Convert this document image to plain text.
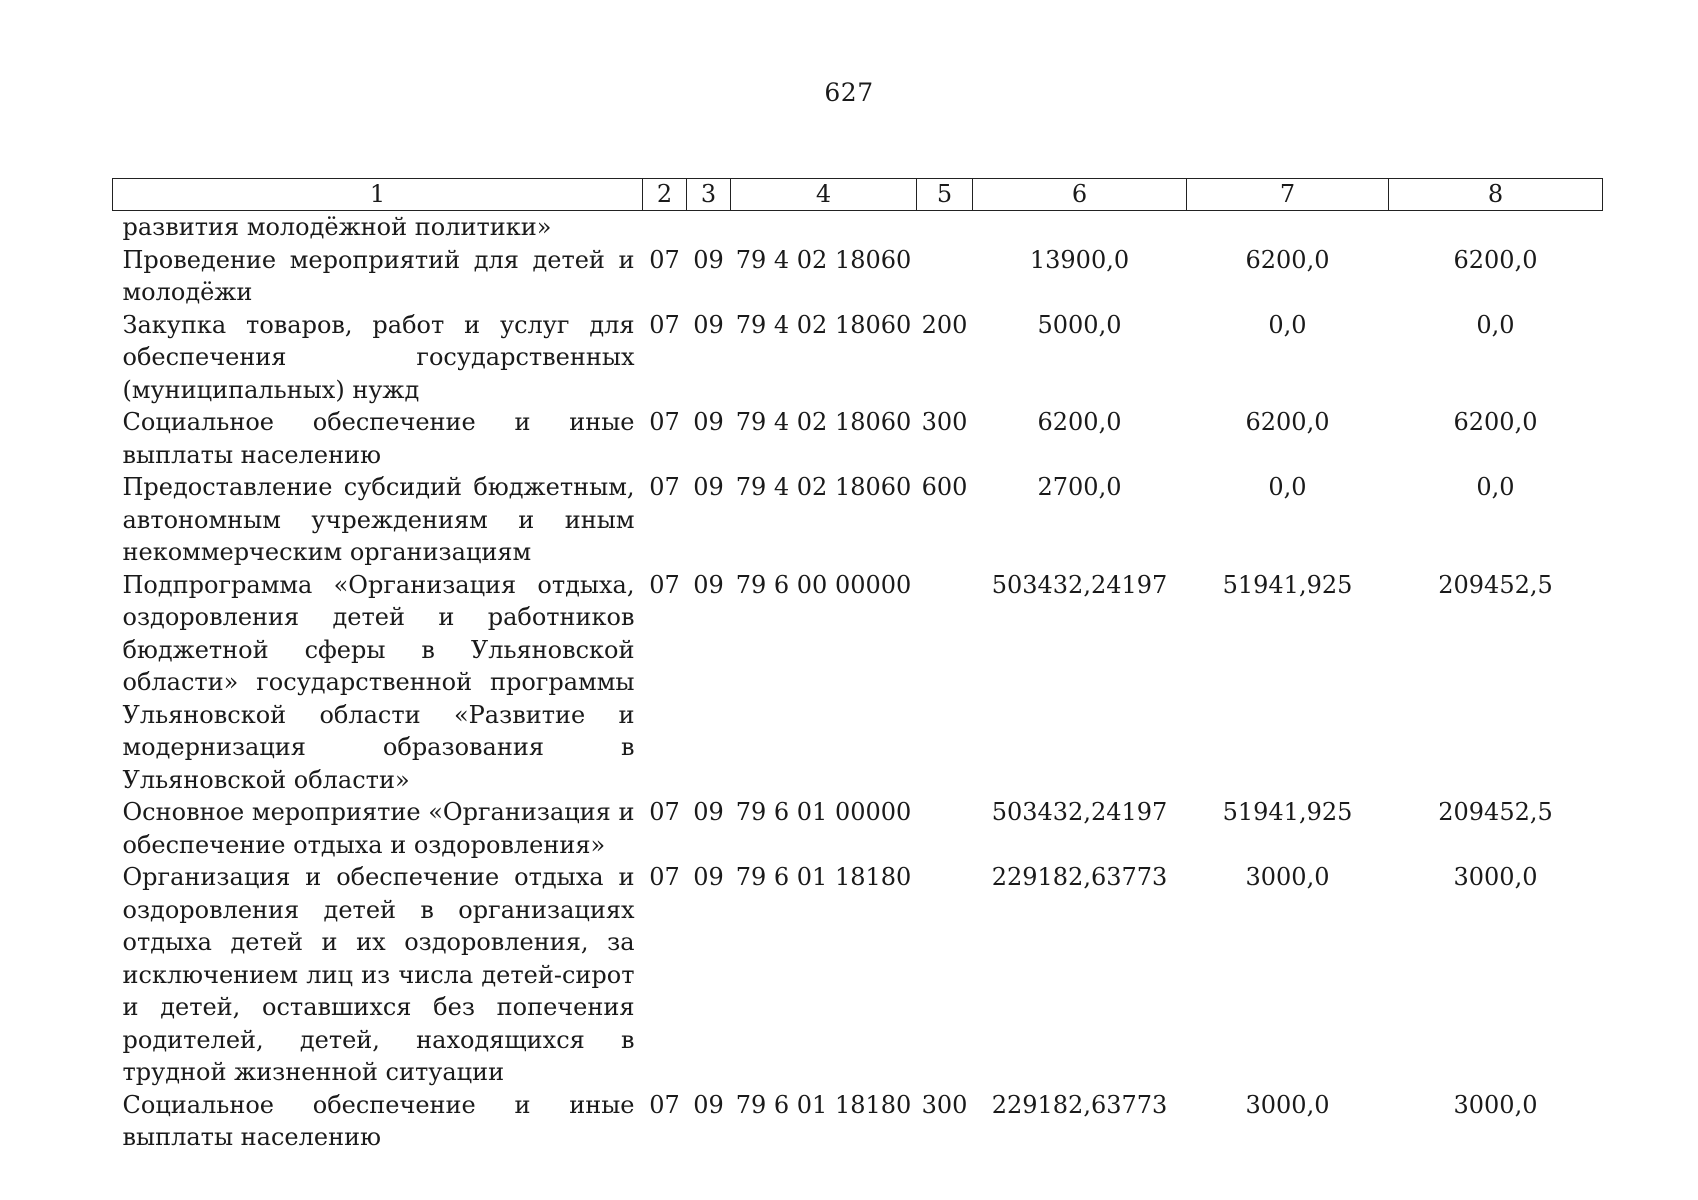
627
1	2	3	4	5	6	7	8
развития молодёжной политики»							
Проведение мероприятий для детей и молодёжи	07	09	79 4 02 18060		13900,0	6200,0	6200,0
Закупка товаров, работ и услуг для обеспечения государственных (муниципальных) нужд	07	09	79 4 02 18060	200	5000,0	0,0	0,0
Социальное обеспечение и иные выплаты населению	07	09	79 4 02 18060	300	6200,0	6200,0	6200,0
Предоставление субсидий бюджетным, автономным учреждениям и иным некоммерческим организациям	07	09	79 4 02 18060	600	2700,0	0,0	0,0
Подпрограмма «Организация отдыха, оздоровления детей и работников бюджетной сферы в Ульяновской области» государственной программы Ульяновской области «Развитие и модернизация образования в Ульяновской области»	07	09	79 6 00 00000		503432,24197	51941,925	209452,5
Основное мероприятие «Организация и обеспечение отдыха и оздоровления»	07	09	79 6 01 00000		503432,24197	51941,925	209452,5
Организация и обеспечение отдыха и оздоровления детей в организациях отдыха детей и их оздоровления, за исключением лиц из числа детей-сирот и детей, оставшихся без попечения родителей, детей, находящихся в трудной жизненной ситуации	07	09	79 6 01 18180		229182,63773	3000,0	3000,0
Социальное обеспечение и иные выплаты населению	07	09	79 6 01 18180	300	229182,63773	3000,0	3000,0
